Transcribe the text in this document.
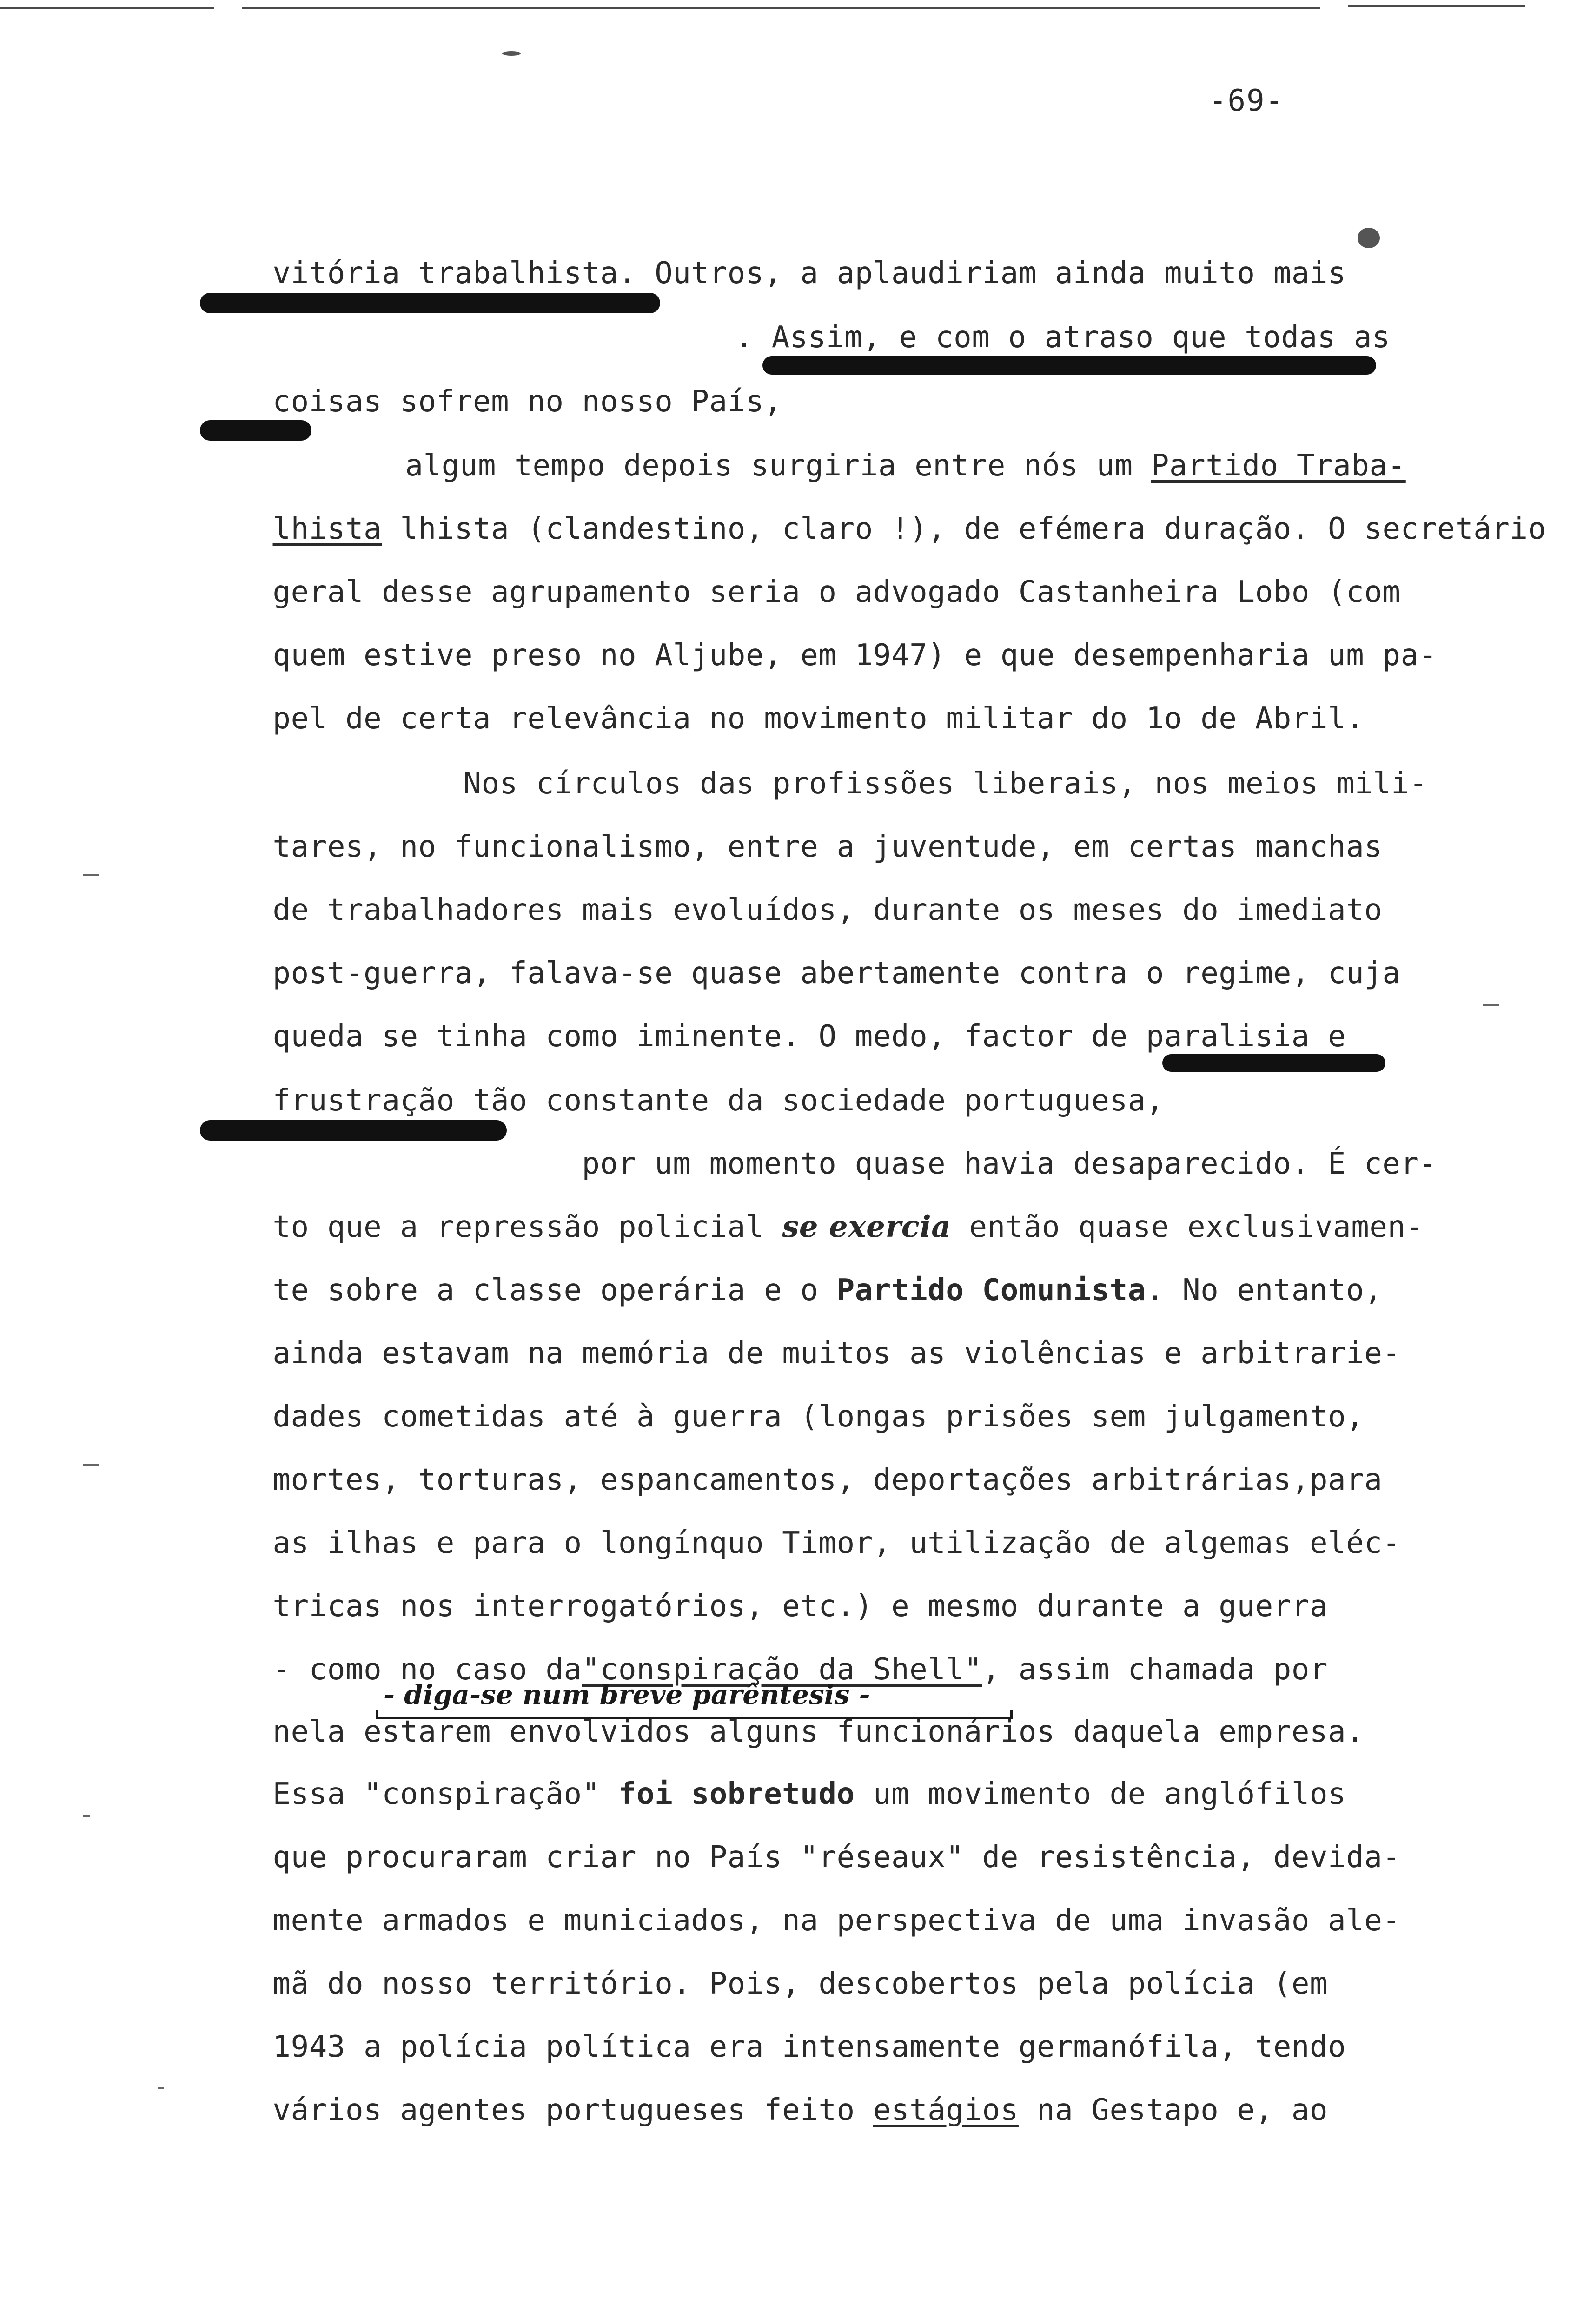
-69-

vitória trabalhista. Outros, a aplaudiriam ainda muito mais

. Assim, e com o atraso que todas as

coisas sofrem no nosso País,

algum tempo depois surgiria entre nós um Partido Traba-

lhista lhista (clandestino, claro !), de efémera duração. O secretário

geral desse agrupamento seria o advogado Castanheira Lobo (com

quem estive preso no Aljube, em 1947) e que desempenharia um pa-

pel de certa relevância no movimento militar do 1o de Abril.

Nos círculos das profissões liberais, nos meios mili-

tares, no funcionalismo, entre a juventude, em certas manchas

de trabalhadores mais evoluídos, durante os meses do imediato

post-guerra, falava-se quase abertamente contra o regime, cuja

queda se tinha como iminente. O medo, factor de paralisia e

frustração tão constante da sociedade portuguesa,

por um momento quase havia desaparecido. É cer-

to que a repressão policial se exercia então quase exclusivamen-

te sobre a classe operária e o Partido Comunista. No entanto,

ainda estavam na memória de muitos as violências e arbitrarie-

dades cometidas até à guerra (longas prisões sem julgamento,

mortes, torturas, espancamentos, deportações arbitrárias,para

as ilhas e para o longínquo Timor, utilização de algemas eléc-

tricas nos interrogatórios, etc.) e mesmo durante a guerra

- como no caso da"conspiração da Shell", assim chamada por

nela estarem envolvidos alguns funcionários daquela empresa.

- diga-se num breve parêntesis -

Essa "conspiração" foi sobretudo um movimento de anglófilos

que procuraram criar no País "réseaux" de resistência, devida-

mente armados e municiados, na perspectiva de uma invasão ale-

mã do nosso território. Pois, descobertos pela polícia (em

1943 a polícia política era intensamente germanófila, tendo

vários agentes portugueses feito estágios na Gestapo e, ao
